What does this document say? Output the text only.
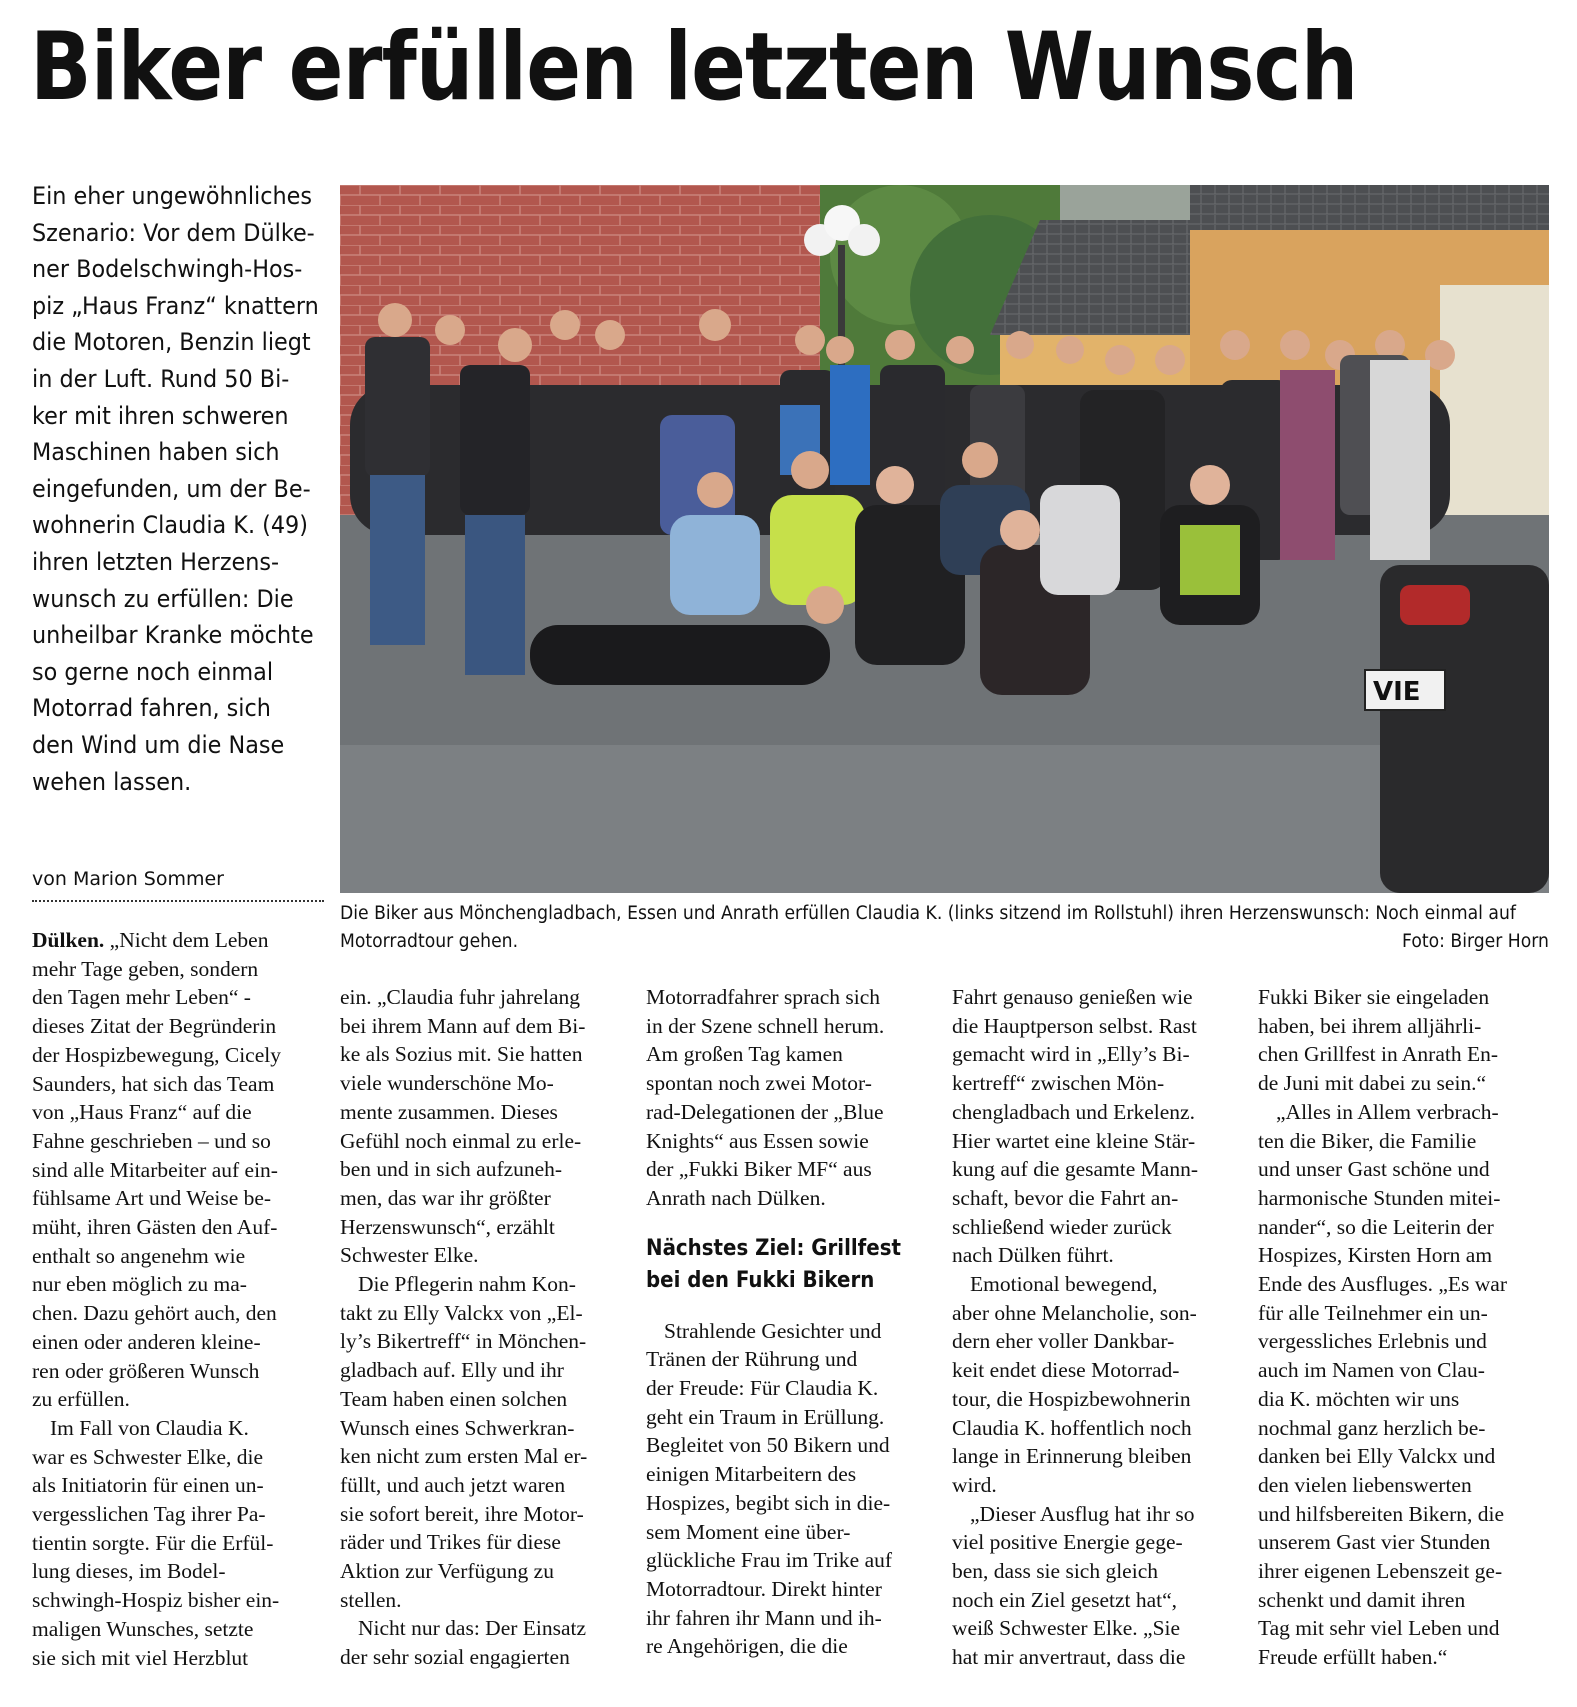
Biker erfüllen letzten Wunsch
Ein eher ungewöhnliches
Szenario: Vor dem Dülke-
ner Bodelschwingh-Hos-
piz „Haus Franz“ knattern
die Motoren, Benzin liegt
in der Luft. Rund 50 Bi-
ker mit ihren schweren
Maschinen haben sich
eingefunden, um der Be-
wohnerin Claudia K. (49)
ihren letzten Herzens-
wunsch zu erfüllen: Die
unheilbar Kranke möchte
so gerne noch einmal
Motorrad fahren, sich
den Wind um die Nase
wehen lassen.
von Marion Sommer
VIE
Die Biker aus Mönchengladbach, Essen und Anrath erfüllen Claudia K. (links sitzend im Rollstuhl) ihren Herzenswunsch: Noch einmal auf
Motorradtour gehen.	Foto: Birger Horn
Dülken. „Nicht dem Leben
mehr Tage geben, sondern
den Tagen mehr Leben“ -
dieses Zitat der Begründerin
der Hospizbewegung, Cicely
Saunders, hat sich das Team
von „Haus Franz“ auf die
Fahne geschrieben – und so
sind alle Mitarbeiter auf ein-
fühlsame Art und Weise be-
müht, ihren Gästen den Auf-
enthalt so angenehm wie
nur eben möglich zu ma-
chen. Dazu gehört auch, den
einen oder anderen kleine-
ren oder größeren Wunsch
zu erfüllen.
Im Fall von Claudia K.
war es Schwester Elke, die
als Initiatorin für einen un-
vergesslichen Tag ihrer Pa-
tientin sorgte. Für die Erfül-
lung dieses, im Bodel-
schwingh-Hospiz bisher ein-
maligen Wunsches, setzte
sie sich mit viel Herzblut
ein. „Claudia fuhr jahrelang
bei ihrem Mann auf dem Bi-
ke als Sozius mit. Sie hatten
viele wunderschöne Mo-
mente zusammen. Dieses
Gefühl noch einmal zu erle-
ben und in sich aufzuneh-
men, das war ihr größter
Herzenswunsch“, erzählt
Schwester Elke.
Die Pflegerin nahm Kon-
takt zu Elly Valckx von „El-
ly’s Bikertreff“ in Mönchen-
gladbach auf. Elly und ihr
Team haben einen solchen
Wunsch eines Schwerkran-
ken nicht zum ersten Mal er-
füllt, und auch jetzt waren
sie sofort bereit, ihre Motor-
räder und Trikes für diese
Aktion zur Verfügung zu
stellen.
Nicht nur das: Der Einsatz
der sehr sozial engagierten
Motorradfahrer sprach sich
in der Szene schnell herum.
Am großen Tag kamen
spontan noch zwei Motor-
rad-Delegationen der „Blue
Knights“ aus Essen sowie
der „Fukki Biker MF“ aus
Anrath nach Dülken.
Nächstes Ziel: Grillfest
bei den Fukki Bikern
Strahlende Gesichter und
Tränen der Rührung und
der Freude: Für Claudia K.
geht ein Traum in Erüllung.
Begleitet von 50 Bikern und
einigen Mitarbeitern des
Hospizes, begibt sich in die-
sem Moment eine über-
glückliche Frau im Trike auf
Motorradtour. Direkt hinter
ihr fahren ihr Mann und ih-
re Angehörigen, die die
Fahrt genauso genießen wie
die Hauptperson selbst. Rast
gemacht wird in „Elly’s Bi-
kertreff“ zwischen Mön-
chengladbach und Erkelenz.
Hier wartet eine kleine Stär-
kung auf die gesamte Mann-
schaft, bevor die Fahrt an-
schließend wieder zurück
nach Dülken führt.
Emotional bewegend,
aber ohne Melancholie, son-
dern eher voller Dankbar-
keit endet diese Motorrad-
tour, die Hospizbewohnerin
Claudia K. hoffentlich noch
lange in Erinnerung bleiben
wird.
„Dieser Ausflug hat ihr so
viel positive Energie gege-
ben, dass sie sich gleich
noch ein Ziel gesetzt hat“,
weiß Schwester Elke. „Sie
hat mir anvertraut, dass die
Fukki Biker sie eingeladen
haben, bei ihrem alljährli-
chen Grillfest in Anrath En-
de Juni mit dabei zu sein.“
„Alles in Allem verbrach-
ten die Biker, die Familie
und unser Gast schöne und
harmonische Stunden mitei-
nander“, so die Leiterin der
Hospizes, Kirsten Horn am
Ende des Ausfluges. „Es war
für alle Teilnehmer ein un-
vergessliches Erlebnis und
auch im Namen von Clau-
dia K. möchten wir uns
nochmal ganz herzlich be-
danken bei Elly Valckx und
den vielen liebenswerten
und hilfsbereiten Bikern, die
unserem Gast vier Stunden
ihrer eigenen Lebenszeit ge-
schenkt und damit ihren
Tag mit sehr viel Leben und
Freude erfüllt haben.“
